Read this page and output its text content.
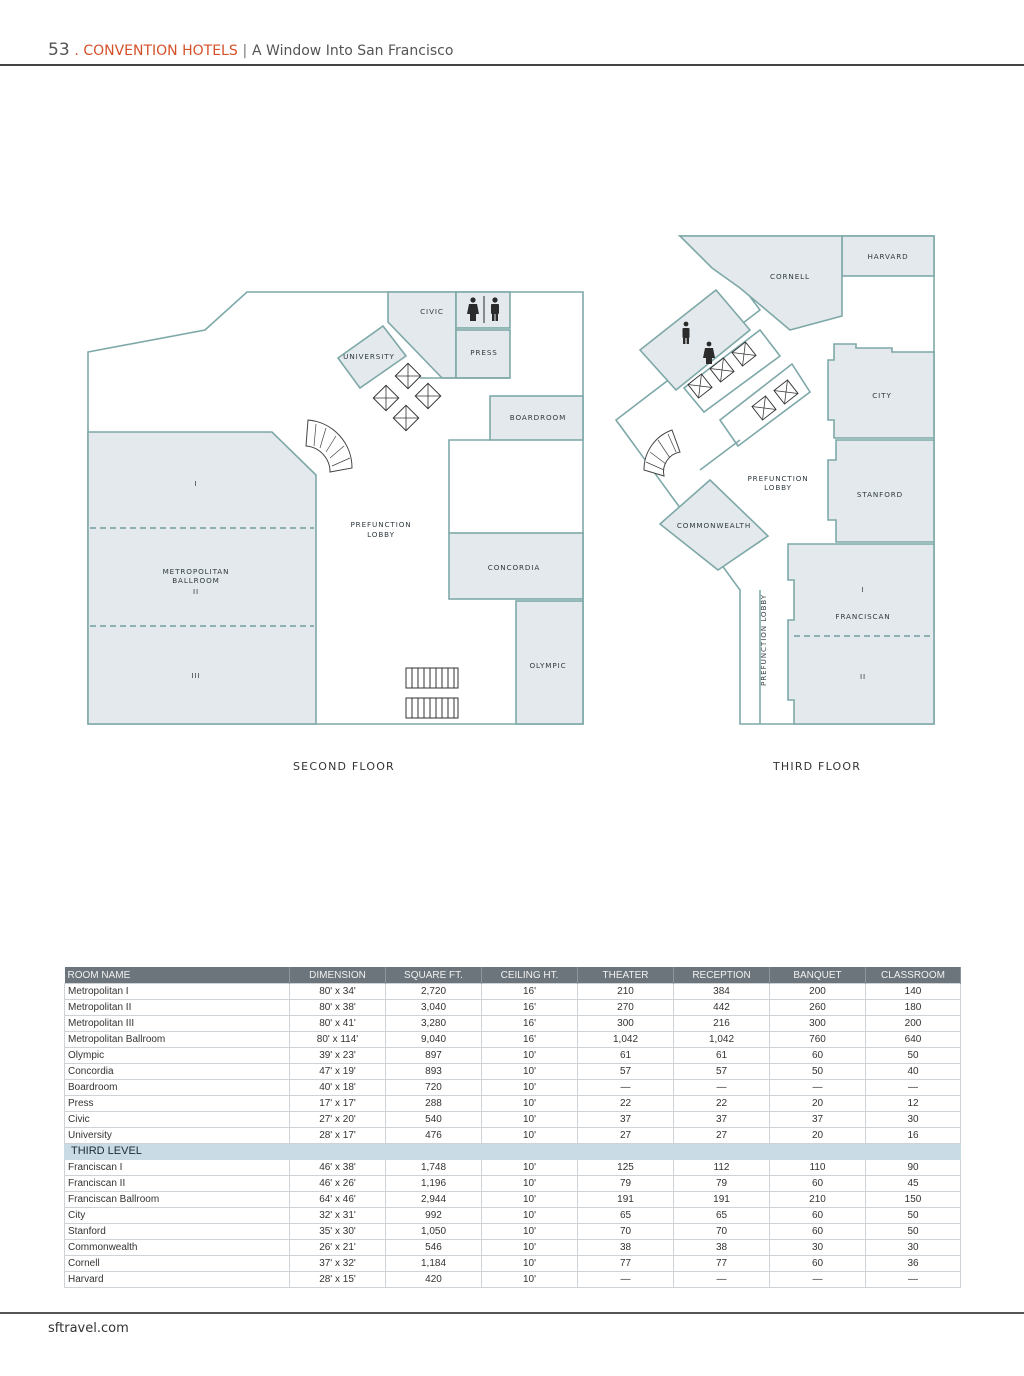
53 . CONVENTION HOTELS | A Window Into San Francisco
CIVIC
PRESS
UNIVERSITY
BOARDROOM
PREFUNCTION
LOBBY
CONCORDIA
OLYMPIC
I
METROPOLITAN
BALLROOM
II
III
HARVARD
CORNELL
CITY
STANFORD
PREFUNCTION
LOBBY
COMMONWEALTH
PREFUNCTION LOBBY
I
FRANCISCAN
II
SECOND FLOOR	THIRD FLOOR
ROOM NAME	DIMENSION	SQUARE FT.	CEILING HT.	THEATER	RECEPTION	BANQUET	CLASSROOM
Metropolitan I	80' x 34'	2,720	16'	210	384	200	140
Metropolitan II	80' x 38'	3,040	16'	270	442	260	180
Metropolitan III	80' x 41'	3,280	16'	300	216	300	200
Metropolitan Ballroom	80' x 114'	9,040	16'	1,042	1,042	760	640
Olympic	39' x 23'	897	10'	61	61	60	50
Concordia	47' x 19'	893	10'	57	57	50	40
Boardroom	40' x 18'	720	10'	—	—	—	—
Press	17' x 17'	288	10'	22	22	20	12
Civic	27' x 20'	540	10'	37	37	37	30
University	28' x 17'	476	10'	27	27	20	16
THIRD LEVEL							
Franciscan I	46' x 38'	1,748	10'	125	112	110	90
Franciscan II	46' x 26'	1,196	10'	79	79	60	45
Franciscan Ballroom	64' x 46'	2,944	10'	191	191	210	150
City	32' x 31'	992	10'	65	65	60	50
Stanford	35' x 30'	1,050	10'	70	70	60	50
Commonwealth	26' x 21'	546	10'	38	38	30	30
Cornell	37' x 32'	1,184	10'	77	77	60	36
Harvard	28' x 15'	420	10'	—	—	—	—
sftravel.com
